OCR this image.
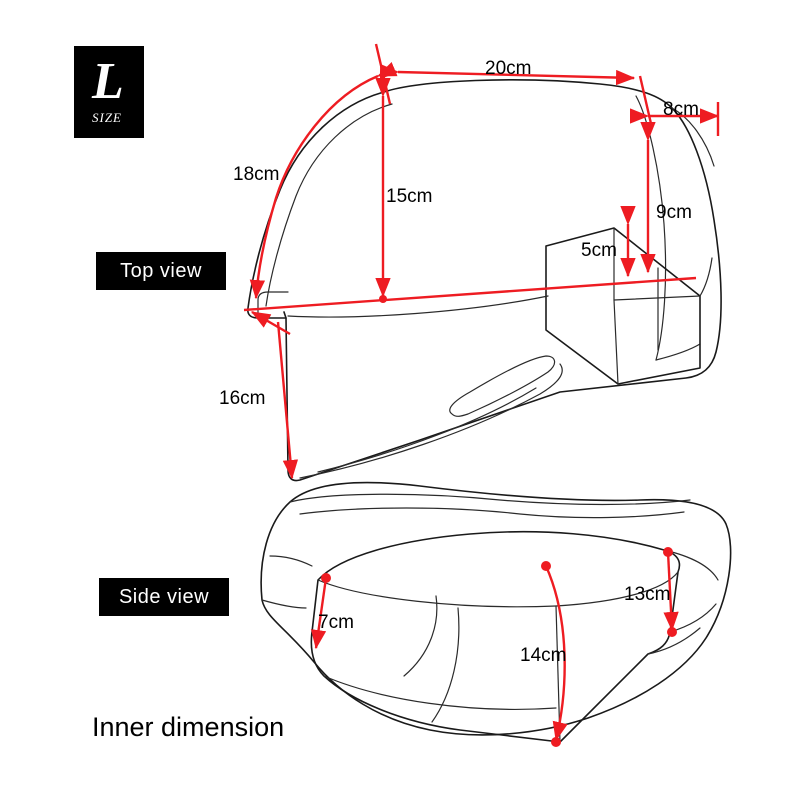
L
SIZE
Top view
Side view
Inner dimension
20cm
8cm
18cm
15cm
9cm
5cm
16cm
13cm
7cm
14cm
